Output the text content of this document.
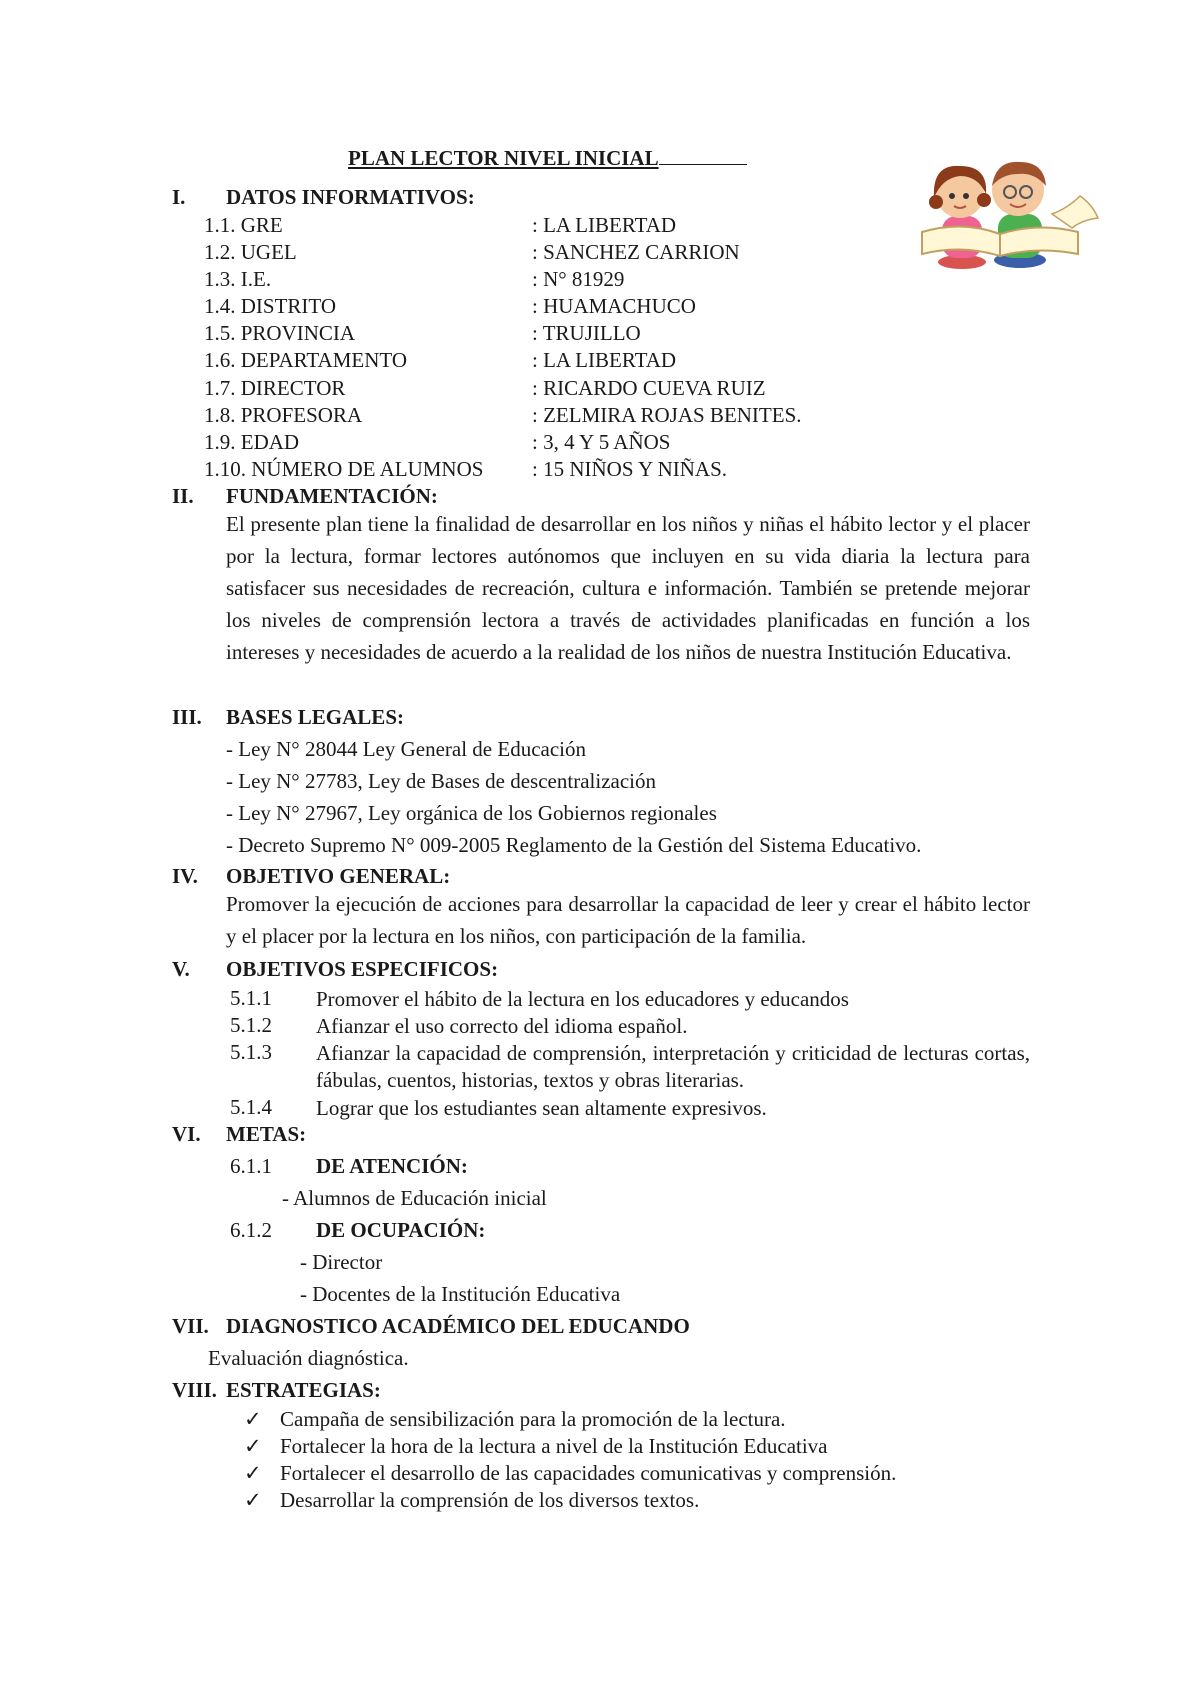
PLAN LECTOR NIVEL INICIAL
I. DATOS INFORMATIVOS:
1.1. GRE	: LA LIBERTAD
1.2. UGEL	: SANCHEZ CARRION
1.3. I.E.	: N° 81929
1.4. DISTRITO	: HUAMACHUCO
1.5. PROVINCIA	: TRUJILLO
1.6. DEPARTAMENTO	: LA LIBERTAD
1.7. DIRECTOR	: RICARDO CUEVA RUIZ
1.8. PROFESORA	: ZELMIRA ROJAS BENITES.
1.9. EDAD	: 3, 4 Y 5 AÑOS
1.10. NÚMERO DE ALUMNOS : 15 NIÑOS Y NIÑAS.
II. FUNDAMENTACIÓN:
El presente plan tiene la finalidad de desarrollar en los niños y niñas el hábito lector y el placer por la lectura, formar lectores autónomos que incluyen en su vida diaria la lectura para satisfacer sus necesidades de recreación, cultura e información. También se pretende mejorar los niveles de comprensión lectora a través de actividades planificadas en función a los intereses y necesidades de acuerdo a la realidad de los niños de nuestra Institución Educativa.
III. BASES LEGALES:
- Ley N° 28044 Ley General de Educación
- Ley N° 27783, Ley de Bases de descentralización
- Ley N° 27967, Ley orgánica de los Gobiernos regionales
- Decreto Supremo N° 009-2005 Reglamento de la Gestión del Sistema Educativo.
IV. OBJETIVO GENERAL:
Promover la ejecución de acciones para desarrollar la capacidad de leer y crear el hábito lector y el placer por la lectura en los niños, con participación de la familia.
V. OBJETIVOS ESPECIFICOS:
5.1.1 Promover el hábito de la lectura en los educadores y educandos
5.1.2 Afianzar el uso correcto del idioma español.
5.1.3 Afianzar la capacidad de comprensión, interpretación y criticidad de lecturas cortas, fábulas, cuentos, historias, textos y obras literarias.
5.1.4 Lograr que los estudiantes sean altamente expresivos.
VI. METAS:
6.1.1 DE ATENCIÓN:
- Alumnos de Educación inicial
6.1.2 DE OCUPACIÓN:
- Director
- Docentes de la Institución Educativa
VII. DIAGNOSTICO ACADÉMICO DEL EDUCANDO
Evaluación diagnóstica.
VIII. ESTRATEGIAS:
✓ Campaña de sensibilización para la promoción de la lectura.
✓ Fortalecer la hora de la lectura a nivel de la Institución Educativa
✓ Fortalecer el desarrollo de las capacidades comunicativas y comprensión.
✓ Desarrollar la comprensión de los diversos textos.
